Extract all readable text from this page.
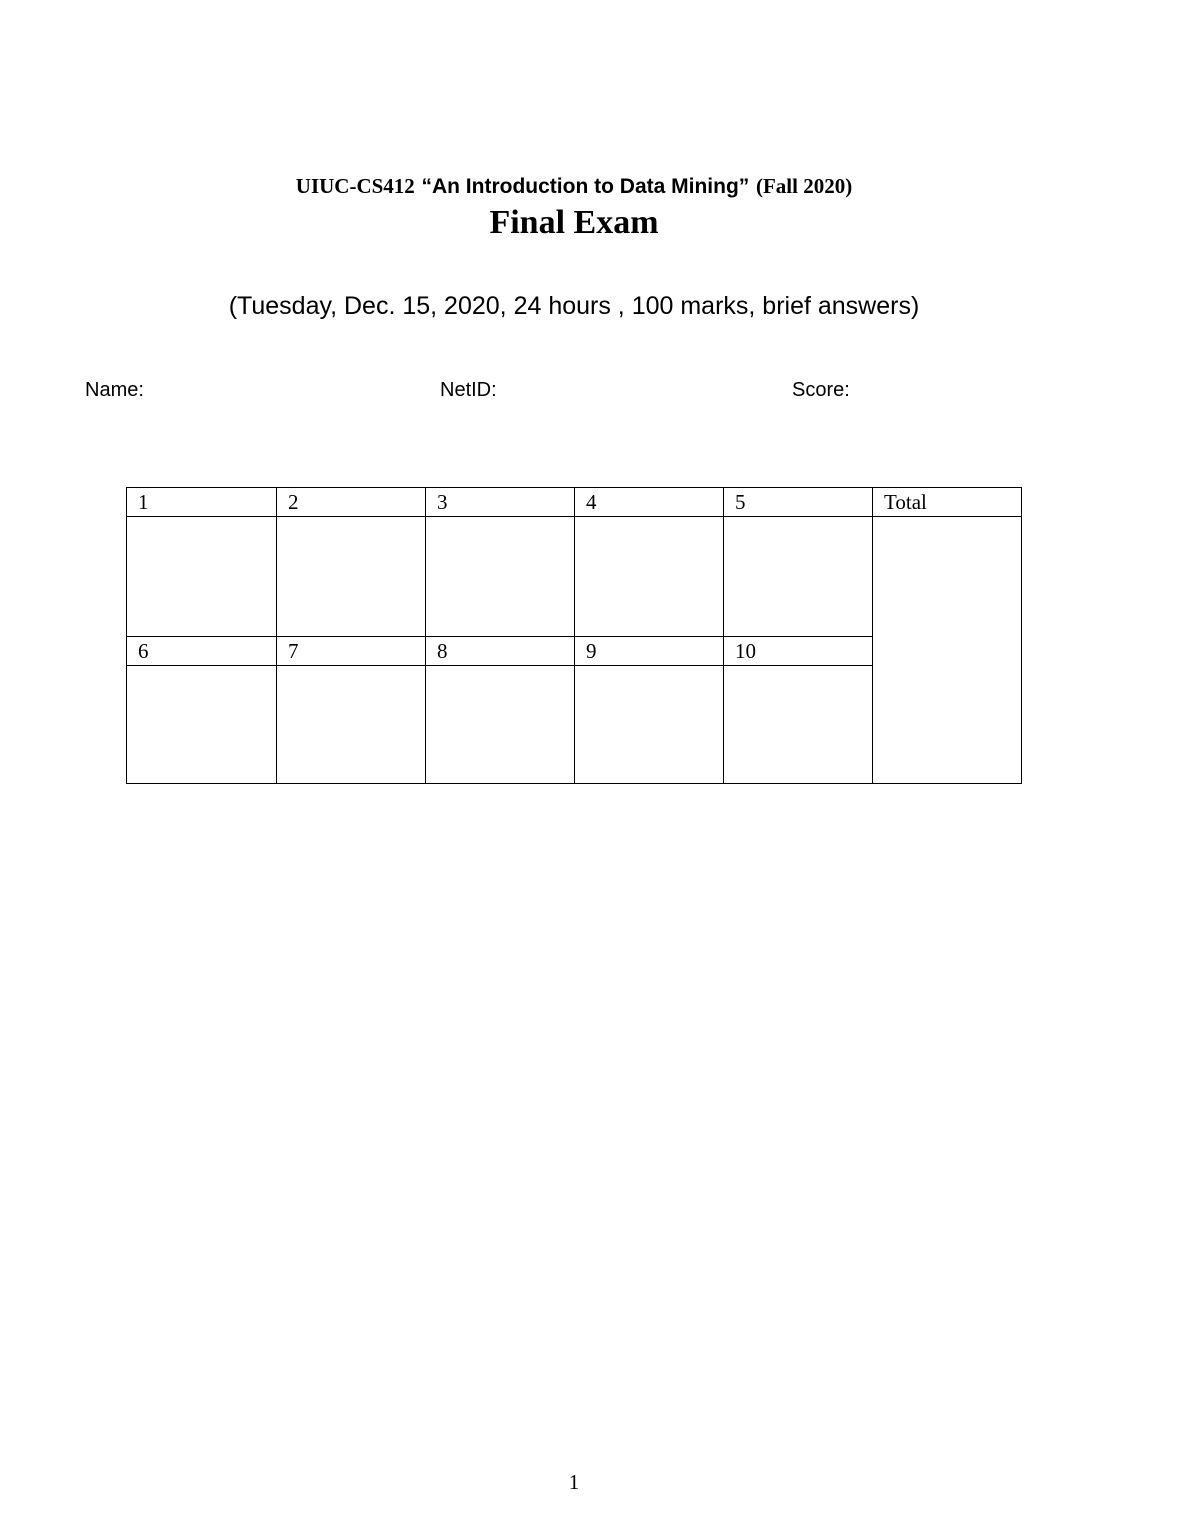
UIUC-CS412 “An Introduction to Data Mining” (Fall 2020)
Final Exam
(Tuesday, Dec. 15, 2020, 24 hours , 100 marks, brief answers)
Name:	NetID:	Score:
1	2	3	4	5	Total
6	7	8	9	10
1
